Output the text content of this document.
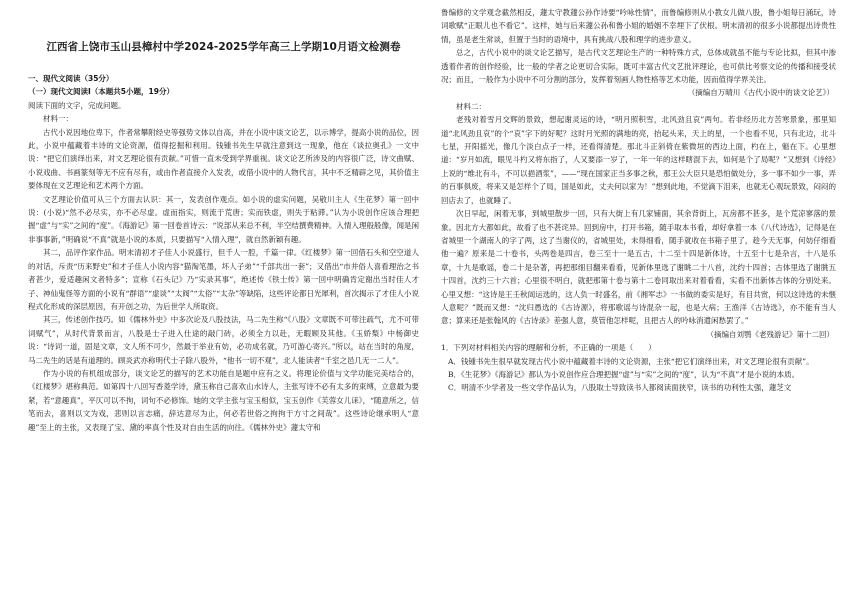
江西省上饶市玉山县樟村中学2024-2025学年高三上学期10月语文检测卷

一、现代文阅读（35分）

（一）现代文阅读Ⅰ（本题共5小题，19分）

阅读下面的文字，完成问题。

材料一：

古代小说因地位卑下，作者常攀附经史等强势文体以自高，并在小说中谈文论艺，以示博学，提高小说的品位，因此，小说中蕴藏着丰诗的文论资源，值得挖掘和利用。钱锺书先生早就注意到这一现象，他在《谈拉奥孔》一文中说：“把它们演绎出来，对文艺理论很有贡献。”可惜一直未受到学界重视。谈文论艺所涉及的内容很广泛，诗文曲赋、小说戏曲、书画篆刻等无不应有尽有，或由作者直接介入发表，或借小说中的人物代言，其中不乏精辟之见，其价值主要体现在文艺理论和艺术两个方面。

文艺理论价值可从三个方面去认识：其一，发表创作观点。如小说的虚实问题，吴敬川主人《生花梦》第一回中说：(小说)“然不必尽实，亦不必尽虚。虚而指实，则流于荒唐；实而铁虚，则失于粘滞。”认为小说创作应该合理把握“虚”与“实”之间的“度”。《海游记》第一回卷首诗云：“说部从来总不利，半空结撰费精神。入情入理般般像，闻是闲非事事新，”明确说“不真”就是小说的本质，只要描写“入情入理”，就自然新颖有趣。

其二，品评作家作品。明末清初才子佳人小说盛行，但千人一腔，千篇一律。《红楼梦》第一回借石头和空空道人的对话，斥责“历来野史”和才子佳人小说内容“猫淘笔墨，坏人子弟”“千部共出一套”；又借出“市井俗人喜看理治之书者甚少，爱适趣闲文者特多”；宣称《石头记》乃“实录其事”，绝述传《铁士传》第一回中明确肯定谢出当时佳人才子、神仙鬼怪等方面的小说有“群语”“虚谈”“太阀”“太俗”“太杂”等缺陷，这些评论都日光犀利，首次揭示了才佳人小说程式化形成的深层原因，有开创之功，为后世学人所取资。

其三，传述创作技巧。如《儒林外史》中多次论及八股技法，马二先生称“《八股》文章既不可带注疏气，尤不可带词赋气”，从时代背景而言，八股是士子进入仕途的敲门砖，必须全力以赴，无暇顾及其他。《玉娇梨》中杨御史说：“诗词一道，固是文章，文人所不可少，然最于举业有妨，必功成名就，乃可游心寄兴。”所以，站在当时的角度，马二先生的话是有道理的。顾炎武亦称明代士子除八股外，“他书一切不观”，北人能读者“千室之邑几无一二人”。

作为小说的有机组成部分，谈文论艺的描写的艺术功能自是题中应有之义。将理论价值与文学功能完美结合的，《红楼梦》堪称典范。如第四十八回写香菱学诗，黛玉称自己喜欢山水诗人，主张写诗不必有太多的束缚，立意最为要紧，若“意趣真”，平仄可以不拘，词句不必修饰。她的文学主张与宝玉相似，宝玉创作《芙蓉女儿诔》，“随意所之，信笔而去，喜则以文为戏，悲则以言志痛，辞达意尽为止，何必若世俗之拘拘于方寸之间哉”。这些诗论继承明人“意趣”至上的主张，又表现了宝、黛的率真个性及对自由生活的向往。《儒林外史》蘧太守和

鲁编修的文学观念截然相反，蘧太守教蘧公孙作诗要“吟咏性情”，而鲁编修则从小教女儿做八股，鲁小姐每日涌玩，诗词歌赋“正眼儿也不看它”。这样，她与后来蘧公孙和鲁小姐的婚姻不幸埋下了伏根。明末清初的很多小说都提出诗贵性情，虽是老生常谈，但置于当时的语境中，具有挑战八股和理学的进步意义。

总之，古代小说中的谈文论艺描写，是古代文艺理论生产的一种特殊方式，总体成就虽不能与专论比拟，但其中渗透着作者的创作经验，比一般的学者之论更切合实际，既可丰富古代文艺批评理论，也可供比考察文论的传播和接受状况；而且，一般作为小说中不可分割的部分，发挥着刻画人物性格等艺术功能，因而值得学界关注。

（摘编自万晴川《古代小说中的谈文论艺》）

材料二：

老残对着雪月交辉的景致，想起谢灵运的诗，“明月照积雪，北风劲且哀”两句。若非经历北方苦寒景象，那里知道“北风劲且哀”的个“哀”字下的好呢？这时月光照的满地的亮，抬起头来，天上的星，一个也看不见，只有北边，北斗七星，开阳摇光，像几个淡白点子一样，还看得清楚。那北斗正斜倚在紫微垣的西边上面，杓在上，魁在下。心里想道：“岁月如流，眼见斗杓又将东指了，人又要添一岁了，一年一年的这样瞎混下去，如何是个了局呢？”又想到《诗经》上说的“维北有斗，不可以挹酒浆”，——“现在国家正当多事之秋，那王公大臣只是恐怕做处分，多一事不如少一事，弄的百事俱废，将来又是怎样个了局，国是如此，丈夫何以家为！”想到此地，不觉滴下泪来，也就无心观玩景致，闷闷的回店去了，也就睡了。

次日早起，闲着无事，到城里散步一回，只有大街上有几家铺面，其余背街上，瓦房都不甚多，是个荒凉寥落的景象。因北方大都如此，故看了也不甚诧异。回到房中，打开书箱，随手取本书看，却好拿着一本《八代诗选》，记得是在省城里一个湖南人的字了两，这了当谢仪的，省城里处，未得细看，随手就收在书箱子里了，趁今天无事，何妨仔细看他一遍？原来是二十卷书，头两卷是四言，卷三至十一是五古，十二至十四是新体诗，十五至十七是杂言，十八是乐章，十九是歌谣，卷二十是杂著，再把那细目翻来看看，见新体里选了谢眺二十八首，沈约十四首；古体里选了谢朓五十四首，沈约三十六首；心里很不明白，就把那第十卷与第十二卷同取出来对着看看，实看不出新体古体的分别处来。心里又想：“这诗是王壬秋闿运选的，这人负一时盛名，前《湘军志》一书做的委实是好，有目共赏，何以这诗选的未惬人意呢？”既而又想：“沈归愚选的《古诗源》，将那歌谣与诗混杂一起，也是大病；王渔洋《古诗选》，亦不能有当人意；算来还是张翰风的《古诗录》差强人意，莫管他怎样呢，且把古人的吟咏消遣闲愁罢了。”

（摘编自刘鹗《老残游记》第十二回）

1．下列对材料相关内容的理解和分析，不正确的一项是（　　）

A．钱锺书先生很早就发现古代小说中蕴藏着丰诗的文论资源，主张“把它们演绎出来，对文艺理论很有贡献”。

B．《生花梦》《海游记》都认为小说创作应合理把握“虚”与“实”之间的“度”，认为“不真”才是小说的本质。

C．明清不少学者及一些文学作品认为，八股取士导致读书人都阅读面狭窄，读书的功利性太强，蘧芝文
